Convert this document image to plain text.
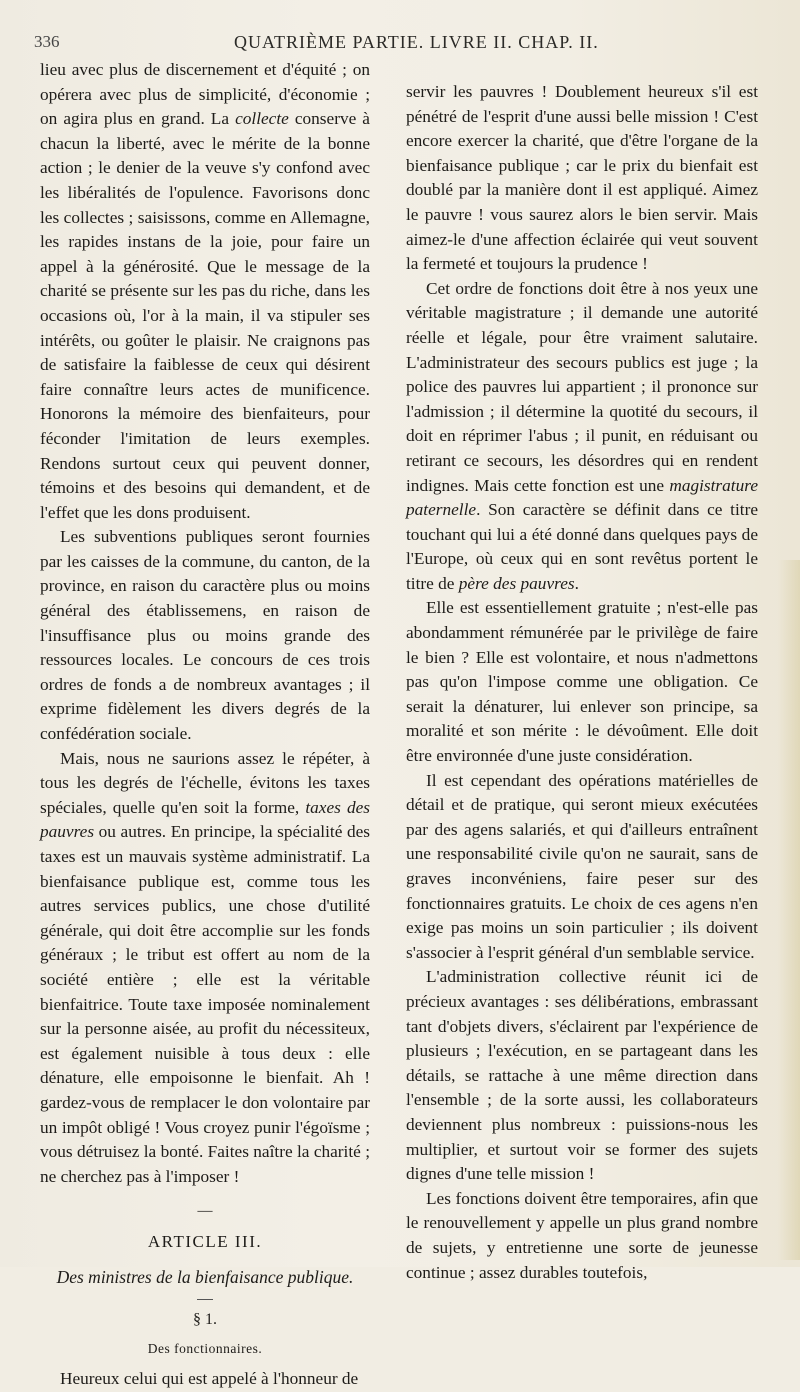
336	QUATRIÈME PARTIE. LIVRE II. CHAP. II.

lieu avec plus de discernement et d'équité ; on opérera avec plus de simplicité, d'économie ; on agira plus en grand. La collecte conserve à chacun la liberté, avec le mérite de la bonne action ; le denier de la veuve s'y confond avec les libéralités de l'opulence. Favorisons donc les collectes ; saisissons, comme en Allemagne, les rapides instans de la joie, pour faire un appel à la générosité. Que le message de la charité se présente sur les pas du riche, dans les occasions où, l'or à la main, il va stipuler ses intérêts, ou goûter le plaisir. Ne craignons pas de satisfaire la faiblesse de ceux qui désirent faire connaître leurs actes de munificence. Honorons la mémoire des bienfaiteurs, pour féconder l'imitation de leurs exemples. Rendons surtout ceux qui peuvent donner, témoins et des besoins qui demandent, et de l'effet que les dons produisent.

Les subventions publiques seront fournies par les caisses de la commune, du canton, de la province, en raison du caractère plus ou moins général des établissemens, en raison de l'insuffisance plus ou moins grande des ressources locales. Le concours de ces trois ordres de fonds a de nombreux avantages ; il exprime fidèlement les divers degrés de la confédération sociale.

Mais, nous ne saurions assez le répéter, à tous les degrés de l'échelle, évitons les taxes spéciales, quelle qu'en soit la forme, taxes des pauvres ou autres. En principe, la spécialité des taxes est un mauvais système administratif. La bienfaisance publique est, comme tous les autres services publics, une chose d'utilité générale, qui doit être accomplie sur les fonds généraux ; le tribut est offert au nom de la société entière ; elle est la véritable bienfaitrice. Toute taxe imposée nominalement sur la personne aisée, au profit du nécessiteux, est également nuisible à tous deux : elle dénature, elle empoisonne le bienfait. Ah ! gardez-vous de remplacer le don volontaire par un impôt obligé ! Vous croyez punir l'égoïsme ; vous détruisez la bonté. Faites naître la charité ; ne cherchez pas à l'imposer !

—
ARTICLE III.
Des ministres de la bienfaisance publique.
§ 1.
Des fonctionnaires.

Heureux celui qui est appelé à l'honneur de

servir les pauvres ! Doublement heureux s'il est pénétré de l'esprit d'une aussi belle mission ! C'est encore exercer la charité, que d'être l'organe de la bienfaisance publique ; car le prix du bienfait est doublé par la manière dont il est appliqué. Aimez le pauvre ! vous saurez alors le bien servir. Mais aimez-le d'une affection éclairée qui veut souvent la fermeté et toujours la prudence !

Cet ordre de fonctions doit être à nos yeux une véritable magistrature ; il demande une autorité réelle et légale, pour être vraiment salutaire. L'administrateur des secours publics est juge ; la police des pauvres lui appartient ; il prononce sur l'admission ; il détermine la quotité du secours, il doit en réprimer l'abus ; il punit, en réduisant ou retirant ce secours, les désordres qui en rendent indignes. Mais cette fonction est une magistrature paternelle. Son caractère se définit dans ce titre touchant qui lui a été donné dans quelques pays de l'Europe, où ceux qui en sont revêtus portent le titre de père des pauvres.

Elle est essentiellement gratuite ; n'est-elle pas abondamment rémunérée par le privilège de faire le bien ? Elle est volontaire, et nous n'admettons pas qu'on l'impose comme une obligation. Ce serait la dénaturer, lui enlever son principe, sa moralité et son mérite : le dévoûment. Elle doit être environnée d'une juste considération.

Il est cependant des opérations matérielles de détail et de pratique, qui seront mieux exécutées par des agens salariés, et qui d'ailleurs entraînent une responsabilité civile qu'on ne saurait, sans de graves inconvéniens, faire peser sur des fonctionnaires gratuits. Le choix de ces agens n'en exige pas moins un soin particulier ; ils doivent s'associer à l'esprit général d'un semblable service.

L'administration collective réunit ici de précieux avantages : ses délibérations, embrassant tant d'objets divers, s'éclairent par l'expérience de plusieurs ; l'exécution, en se partageant dans les détails, se rattache à une même direction dans l'ensemble ; de la sorte aussi, les collaborateurs deviennent plus nombreux : puissions-nous les multiplier, et surtout voir se former des sujets dignes d'une telle mission !

Les fonctions doivent être temporaires, afin que le renouvellement y appelle un plus grand nombre de sujets, y entretienne une sorte de jeunesse continue ; assez durables toutefois,
